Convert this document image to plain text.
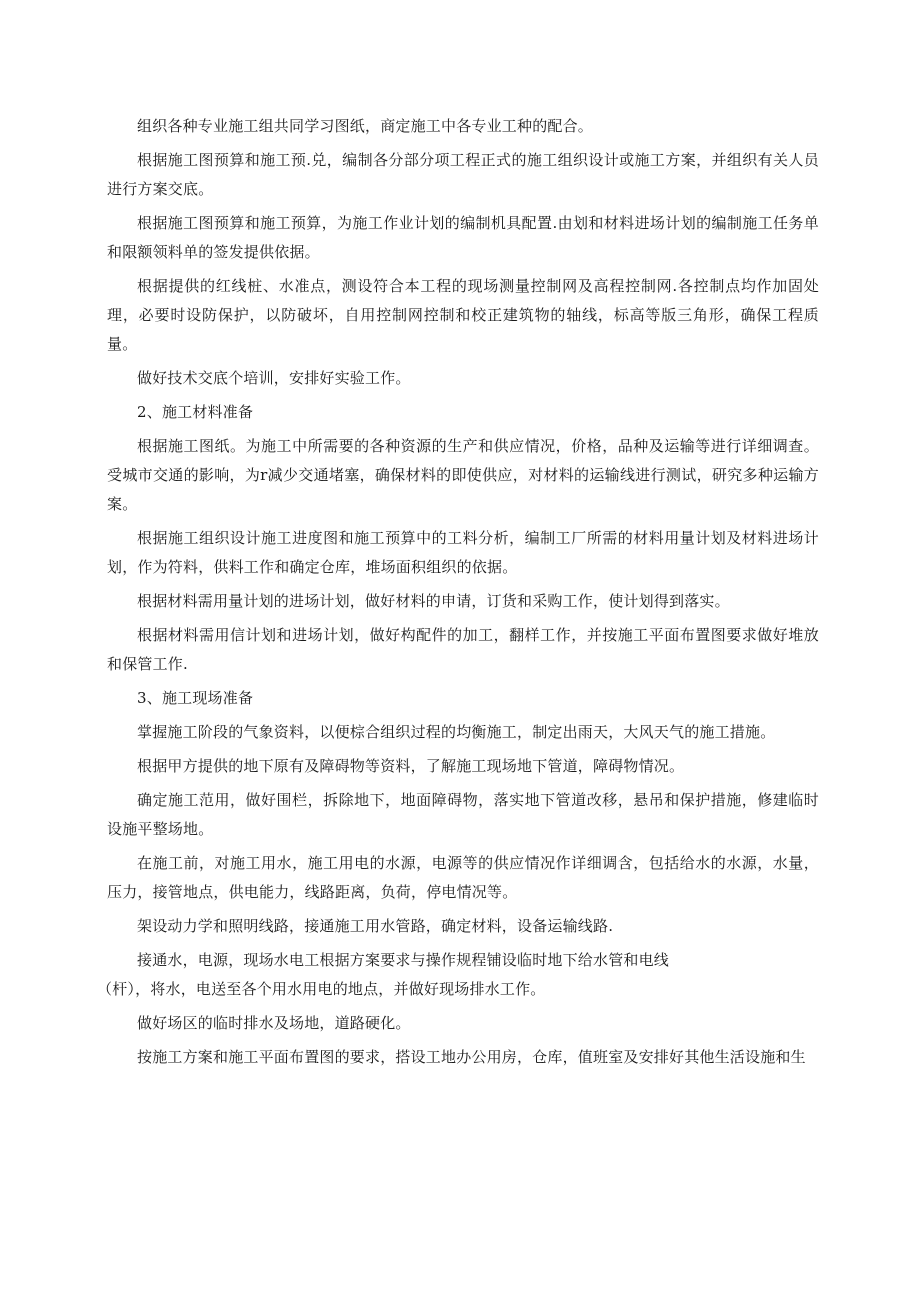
组织各种专业施工组共同学习图纸，商定施工中各专业工种的配合。

根据施工图预算和施工预.兑，编制各分部分项工程正式的施工组织设计或施工方案，并组织有关人员进行方案交底。

根据施工图预算和施工预算，为施工作业计划的编制机具配置.由划和材料进场计划的编制施工任务单和限额领料单的签发提供依据。

根据提供的红线桩、水准点，测设符合本工程的现场测量控制网及高程控制网.各控制点均作加固处理，必要时设防保护，以防破坏，自用控制网控制和校正建筑物的轴线，标高等版三角形，确保工程质量。

做好技术交底个培训，安排好实验工作。

2、施工材料准备

根据施工图纸。为施工中所需要的各种资源的生产和供应情况，价格，品种及运输等进行详细调查。受城市交通的影响，为r减少交通堵塞，确保材料的即使供应，对材料的运输线进行测试，研究多种运输方案。

根据施工组织设计施工进度图和施工预算中的工料分析，编制工厂所需的材料用量计划及材料进场计划，作为符料，供料工作和确定仓库，堆场面积组织的依据。

根据材料需用量计划的进场计划，做好材料的申请，订货和采购工作，使计划得到落实。

根据材料需用信计划和进场计划，做好构配件的加工，翻样工作，并按施工平面布置图要求做好堆放和保管工作.

3、施工现场准备

掌握施工阶段的气象资料，以便棕合组织过程的均衡施工，制定出雨天，大风天气的施工措施。

根据甲方提供的地下原有及障碍物等资料，了解施工现场地下管道，障碍物情况。

确定施工范用，做好围栏，拆除地下，地面障碍物，落实地下管道改移，悬吊和保护措施，修建临时设施平整场地。

在施工前，对施工用水，施工用电的水源，电源等的供应情况作详细调含，包括给水的水源，水量，压力，接管地点，供电能力，线路距离，负荷，停电情况等。

架设动力学和照明线路，接通施工用水管路，确定材料，设备运输线路.

接通水，电源，现场水电工根据方案要求与操作规程铺设临时地下给水管和电线
（杆），将水，电送至各个用水用电的地点，并做好现场排水工作。

做好场区的临时排水及场地，道路硬化。

按施工方案和施工平面布置图的要求，搭设工地办公用房，仓库，值班室及安排好其他生活设施和生
